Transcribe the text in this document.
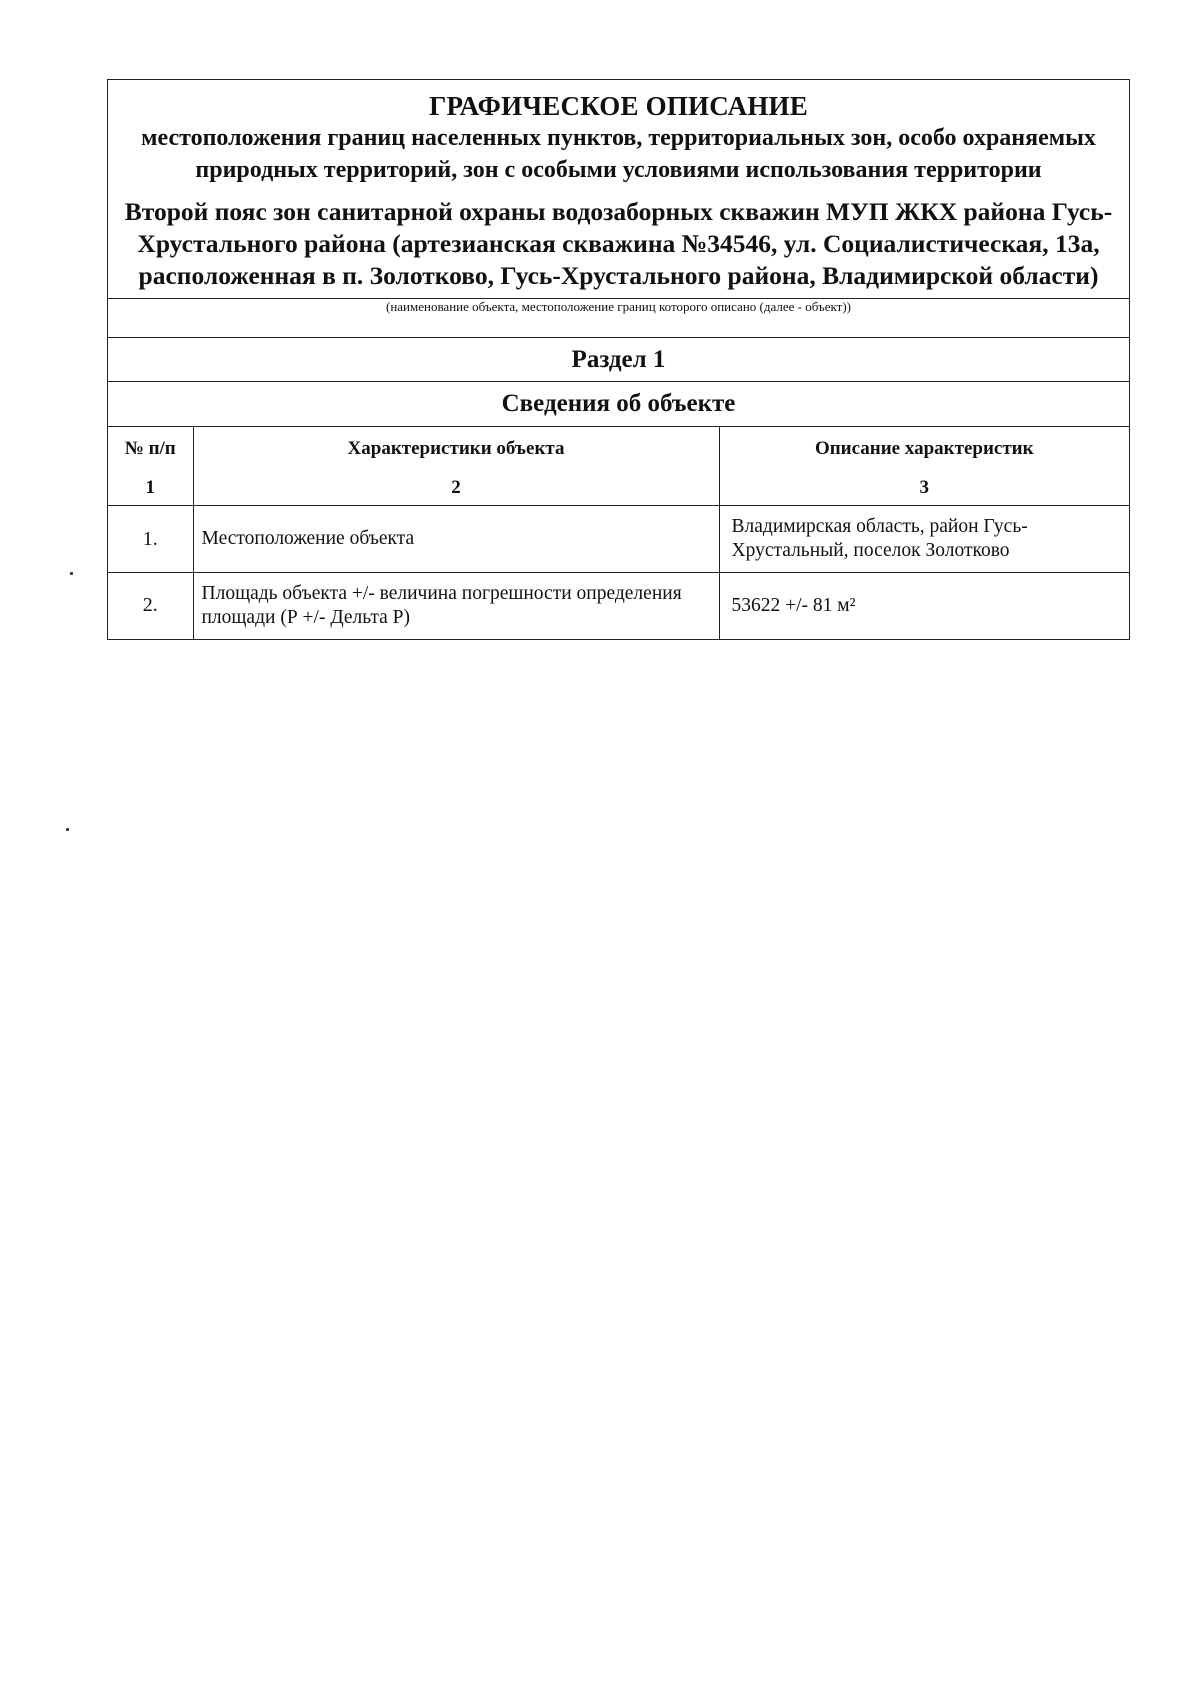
ГРАФИЧЕСКОЕ ОПИСАНИЕ
местоположения границ населенных пунктов, территориальных зон, особо охраняемых природных территорий, зон с особыми условиями использования территории
Второй пояс зон санитарной охраны водозаборных скважин МУП ЖКХ района Гусь-Хрустального района (артезианская скважина №34546, ул. Социалистическая, 13а, расположенная в п. Золотково, Гусь-Хрустального района, Владимирской области)
(наименование объекта, местоположение границ которого описано (далее - объект))
Раздел 1
Сведения об объекте
№ п/п	Характеристики объекта	Описание характеристик
1	2	3
1.	Местоположение объекта	Владимирская область, район Гусь-Хрустальный, поселок Золотково
2.	Площадь объекта +/- величина погрешности определения площади (Р +/- Дельта Р)	53622 +/- 81 м²
